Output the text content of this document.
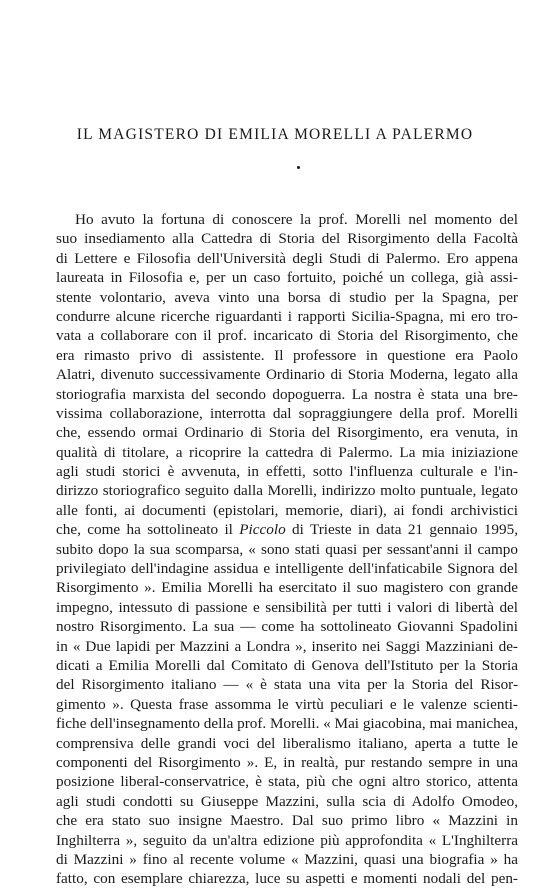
IL MAGISTERO DI EMILIA MORELLI A PALERMO
Ho avuto la fortuna di conoscere la prof. Morelli nel momento del
suo insediamento alla Cattedra di Storia del Risorgimento della Facoltà
di Lettere e Filosofia dell'Università degli Studi di Palermo. Ero appena
laureata in Filosofia e, per un caso fortuito, poiché un collega, già assi-
stente volontario, aveva vinto una borsa di studio per la Spagna, per
condurre alcune ricerche riguardanti i rapporti Sicilia-Spagna, mi ero tro-
vata a collaborare con il prof. incaricato di Storia del Risorgimento, che
era rimasto privo di assistente. Il professore in questione era Paolo
Alatri, divenuto successivamente Ordinario di Storia Moderna, legato alla
storiografia marxista del secondo dopoguerra. La nostra è stata una bre-
vissima collaborazione, interrotta dal sopraggiungere della prof. Morelli
che, essendo ormai Ordinario di Storia del Risorgimento, era venuta, in
qualità di titolare, a ricoprire la cattedra di Palermo. La mia iniziazione
agli studi storici è avvenuta, in effetti, sotto l'influenza culturale e l'in-
dirizzo storiografico seguito dalla Morelli, indirizzo molto puntuale, legato
alle fonti, ai documenti (epistolari, memorie, diari), ai fondi archivistici
che, come ha sottolineato il Piccolo di Trieste in data 21 gennaio 1995,
subito dopo la sua scomparsa, « sono stati quasi per sessant'anni il campo
privilegiato dell'indagine assidua e intelligente dell'infaticabile Signora del
Risorgimento ». Emilia Morelli ha esercitato il suo magistero con grande
impegno, intessuto di passione e sensibilità per tutti i valori di libertà del
nostro Risorgimento. La sua — come ha sottolineato Giovanni Spadolini
in « Due lapidi per Mazzini a Londra », inserito nei Saggi Mazziniani de-
dicati a Emilia Morelli dal Comitato di Genova dell'Istituto per la Storia
del Risorgimento italiano — « è stata una vita per la Storia del Risor-
gimento ». Questa frase assomma le virtù peculiari e le valenze scienti-
fiche dell'insegnamento della prof. Morelli. « Mai giacobina, mai manichea,
comprensiva delle grandi voci del liberalismo italiano, aperta a tutte le
componenti del Risorgimento ». E, in realtà, pur restando sempre in una
posizione liberal-conservatrice, è stata, più che ogni altro storico, attenta
agli studi condotti su Giuseppe Mazzini, sulla scia di Adolfo Omodeo,
che era stato suo insigne Maestro. Dal suo primo libro « Mazzini in
Inghilterra », seguito da un'altra edizione più approfondita « L'Inghilterra
di Mazzini » fino al recente volume « Mazzini, quasi una biografia » ha
fatto, con esemplare chiarezza, luce su aspetti e momenti nodali del pen-
